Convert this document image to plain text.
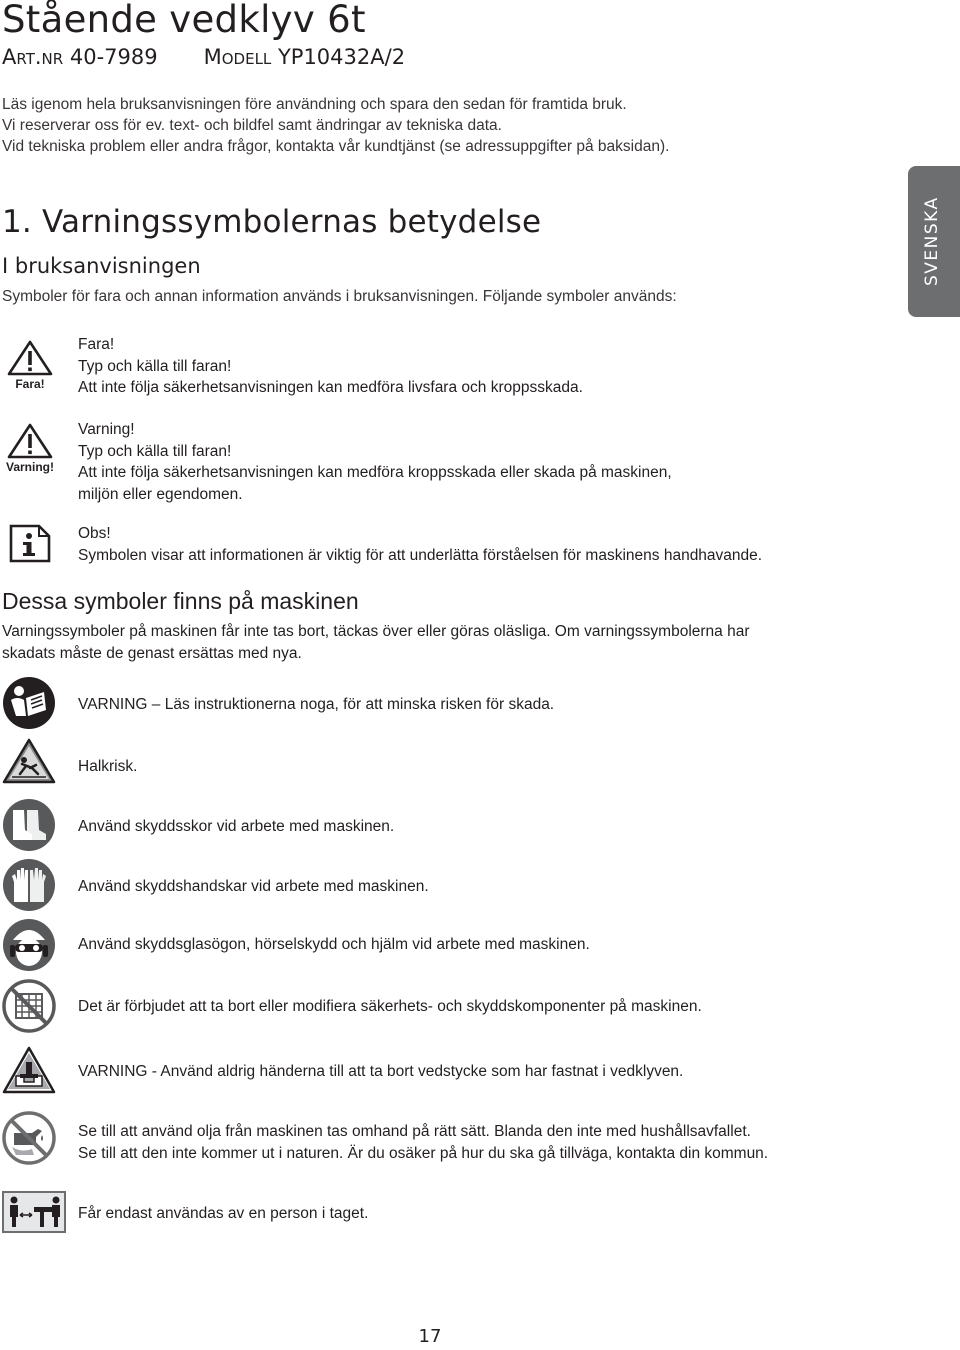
Stående vedklyv 6t
Art.nr 40-7989 Modell YP10432A/2
Läs igenom hela bruksanvisningen före användning och spara den sedan för framtida bruk.
Vi reserverar oss för ev. text- och bildfel samt ändringar av tekniska data.
Vid tekniska problem eller andra frågor, kontakta vår kundtjänst (se adressuppgifter på baksidan).
1. Varningssymbolernas betydelse
I bruksanvisningen
Symboler för fara och annan information används i bruksanvisningen. Följande symboler används:
SVENSKA
Fara!
Fara!
Typ och källa till faran!
Att inte följa säkerhetsanvisningen kan medföra livsfara och kroppsskada.
Varning!
Varning!
Typ och källa till faran!
Att inte följa säkerhetsanvisningen kan medföra kroppsskada eller skada på maskinen,
miljön eller egendomen.
Obs!
Symbolen visar att informationen är viktig för att underlätta förståelsen för maskinens handhavande.
Dessa symboler finns på maskinen
Varningssymboler på maskinen får inte tas bort, täckas över eller göras oläsliga. Om varningssymbolerna har
skadats måste de genast ersättas med nya.
VARNING – Läs instruktionerna noga, för att minska risken för skada.
Halkrisk.
Använd skyddsskor vid arbete med maskinen.
Använd skyddshandskar vid arbete med maskinen.
Använd skyddsglasögon, hörselskydd och hjälm vid arbete med maskinen.
Det är förbjudet att ta bort eller modifiera säkerhets- och skyddskomponenter på maskinen.
VARNING - Använd aldrig händerna till att ta bort vedstycke som har fastnat i vedklyven.
Se till att använd olja från maskinen tas omhand på rätt sätt. Blanda den inte med hushållsavfallet.
Se till att den inte kommer ut i naturen. Är du osäker på hur du ska gå tillväga, kontakta din kommun.
Får endast användas av en person i taget.
17
